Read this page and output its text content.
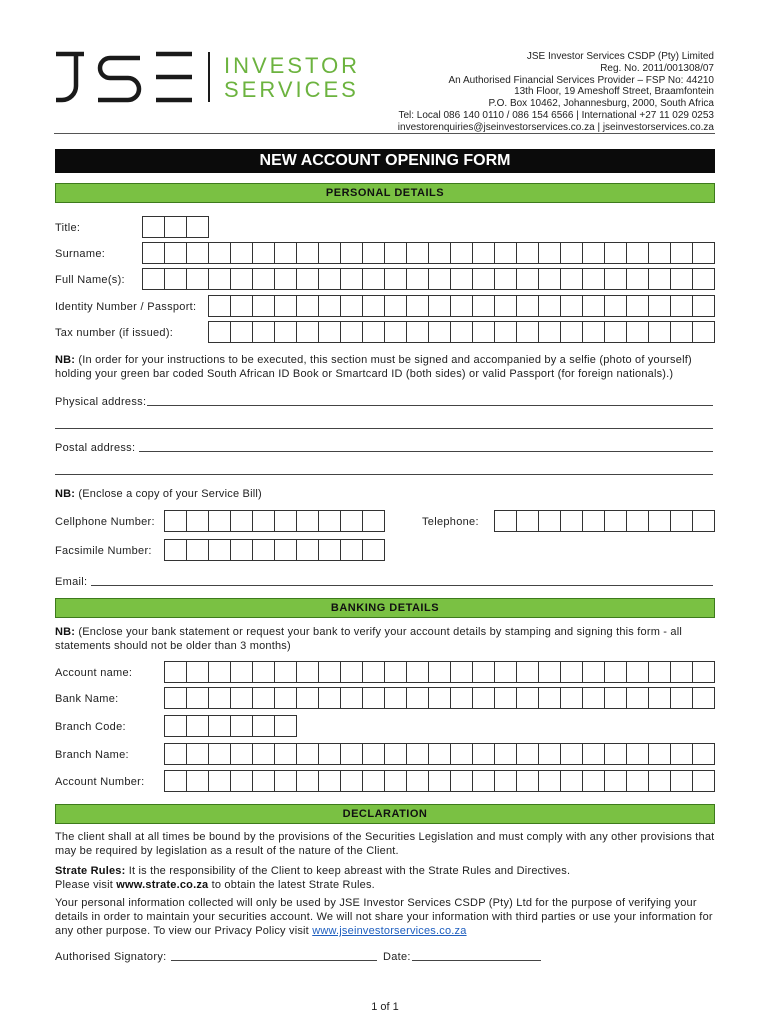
INVESTOR
SERVICES
JSE Investor Services CSDP (Pty) Limited
Reg. No. 2011/001308/07
An Authorised Financial Services Provider – FSP No: 44210
13th Floor, 19 Ameshoff Street, Braamfontein
P.O. Box 10462, Johannesburg, 2000, South Africa
Tel: Local 086 140 0110 / 086 154 6566 | International +27 11 029 0253
investorenquiries@jseinvestorservices.co.za | jseinvestorservices.co.za
NEW ACCOUNT OPENING FORM
PERSONAL DETAILS
Title:
Surname:
Full Name(s):
Identity Number / Passport:
Tax number (if issued):
NB: (In order for your instructions to be executed, this section must be signed and accompanied by a selfie (photo of yourself) holding your green bar coded South African ID Book or Smartcard ID (both sides) or valid Passport (for foreign nationals).)
Physical address:
Postal address:
NB: (Enclose a copy of your Service Bill)
Cellphone Number:	Telephone:
Facsimile Number:
Email:
BANKING DETAILS
NB: (Enclose your bank statement or request your bank to verify your account details by stamping and signing this form - all statements should not be older than 3 months)
Account name:
Bank Name:
Branch Code:
Branch Name:
Account Number:
DECLARATION
The client shall at all times be bound by the provisions of the Securities Legislation and must comply with any other provisions that may be required by legislation as a result of the nature of the Client.
Strate Rules: It is the responsibility of the Client to keep abreast with the Strate Rules and Directives.
Please visit www.strate.co.za to obtain the latest Strate Rules.
Your personal information collected will only be used by JSE Investor Services CSDP (Pty) Ltd for the purpose of verifying your details in order to maintain your securities account. We will not share your information with third parties or use your information for any other purpose. To view our Privacy Policy visit www.jseinvestorservices.co.za
Authorised Signatory:	Date:
1 of 1
